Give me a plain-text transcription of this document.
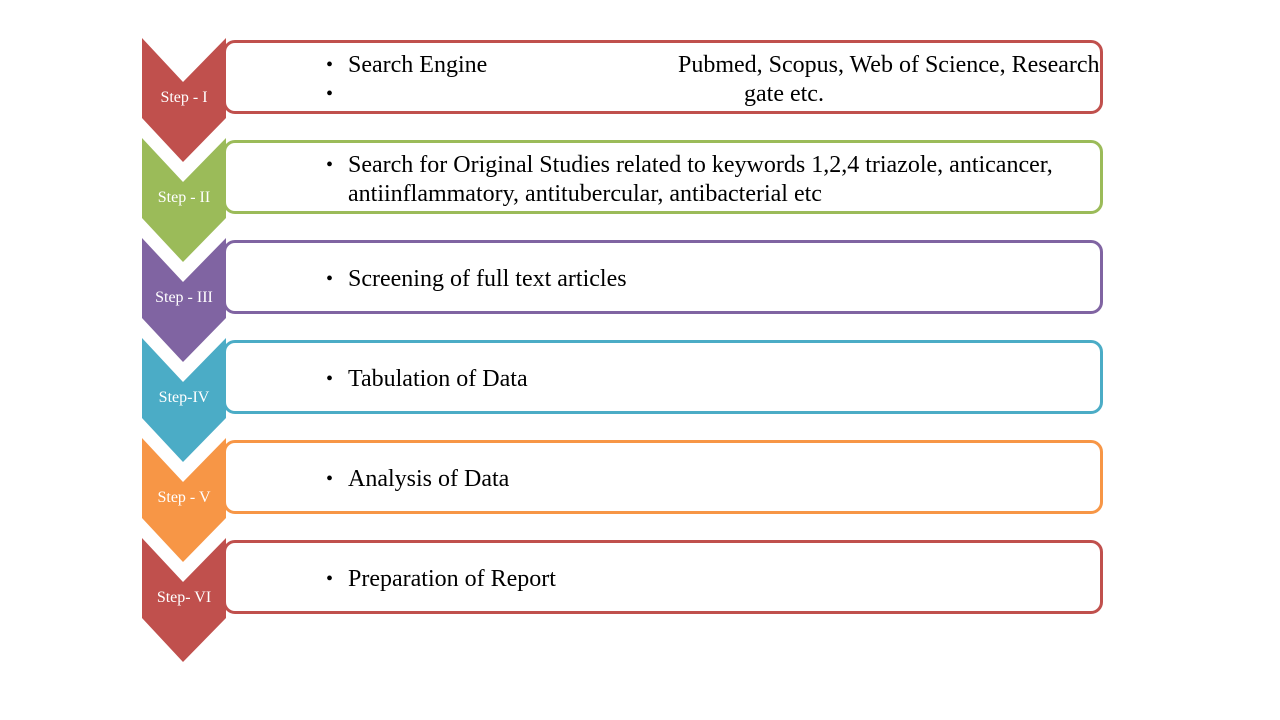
• Search Engine	Pubmed, Scopus, Web of Science, Research
• gate etc.
Step - I
• Search for Original Studies related to keywords 1,2,4 triazole, anticancer, antiinflammatory, antitubercular, antibacterial etc
Step - II
• Screening of full text articles
Step - III
• Tabulation of Data
Step-IV
• Analysis of Data
Step - V
• Preparation of Report
Step- VI
